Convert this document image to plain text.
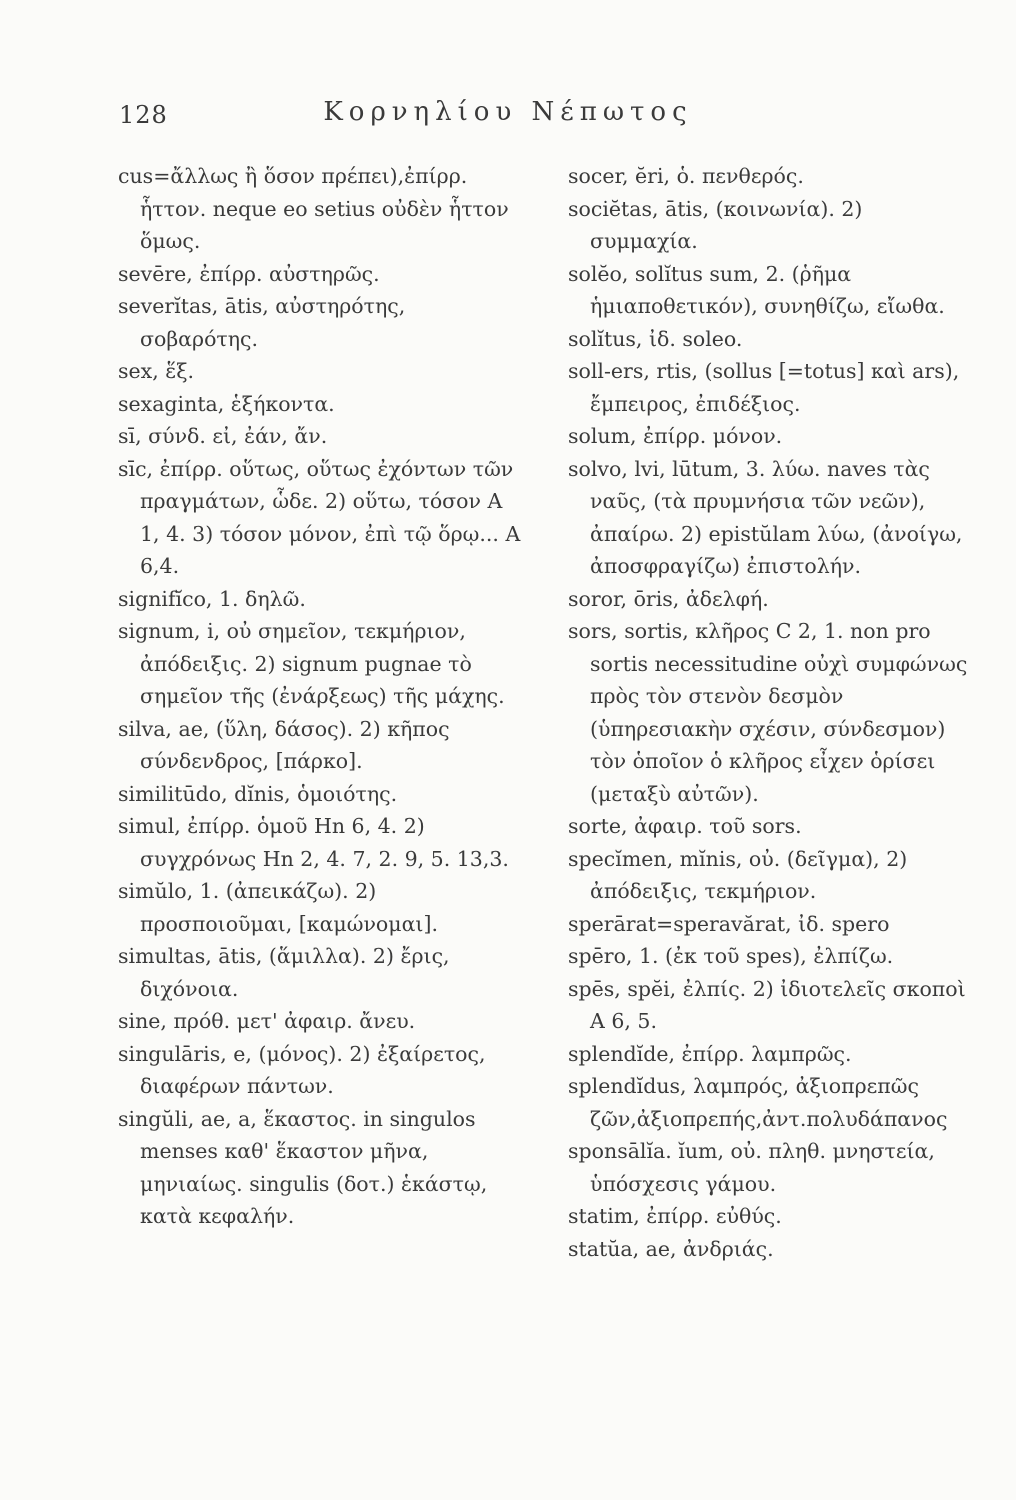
128	Κορνηλίου Νέπωτος

cus=ἄλλως ἢ ὅσον πρέπει),ἐπίρρ. ἧττον. neque eo setius οὐδὲν ἧττον ὅμως.

sevēre, ἐπίρρ. αὐστηρῶς.

severĭtas, ātis, αὐστηρότης, σοβαρότης.

sex, ἕξ.

sexaginta, ἑξήκοντα.

sī, σύνδ. εἰ, ἐάν, ἄν.

sīc, ἐπίρρ. οὕτως, οὕτως ἐχόντων τῶν πραγμάτων, ὧδε. 2) οὕτω, τόσον A 1, 4. 3) τόσον μόνον, ἐπὶ τῷ ὅρῳ... A 6,4.

signifĭco, 1. δηλῶ.

signum, i, οὐ σημεῖον, τεκμήριον, ἀπόδειξις. 2) signum pugnae τὸ σημεῖον τῆς (ἐνάρξεως) τῆς μάχης.

silva, ae, (ὕλη, δάσος). 2) κῆπος σύνδενδρος, [πάρκο].

similitūdo, dĭnis, ὁμοιότης.

simul, ἐπίρρ. ὁμοῦ Hn 6, 4. 2) συγχρόνως Hn 2, 4. 7, 2. 9, 5. 13,3.

simŭlo, 1. (ἀπεικάζω). 2) προσποιοῦμαι, [καμώνομαι].

simultas, ātis, (ἅμιλλα). 2) ἔρις, διχόνοια.

sine, πρόθ. μετ' ἀφαιρ. ἄνευ.

singulāris, e, (μόνος). 2) ἐξαίρετος, διαφέρων πάντων.

singŭli, ae, a, ἕκαστος. in singulos menses καθ' ἕκαστον μῆνα, μηνιαίως. singulis (δοτ.) ἑκάστῳ, κατὰ κεφαλήν.

socer, ĕri, ὁ. πενθερός.

sociĕtas, ātis, (κοινωνία). 2) συμμαχία.

solĕo, solĭtus sum, 2. (ῥῆμα ἡμιαποθετικόν), συνηθίζω, εἴωθα.

solĭtus, ἰδ. soleo.

soll-ers, rtis, (sollus [=totus] καὶ ars), ἔμπειρος, ἐπιδέξιος.

solum, ἐπίρρ. μόνον.

solvo, lvi, lūtum, 3. λύω. naves τὰς ναῦς, (τὰ πρυμνήσια τῶν νεῶν), ἀπαίρω. 2) epistŭlam λύω, (ἀνοίγω, ἀποσφραγίζω) ἐπιστολήν.

soror, ōris, ἀδελφή.

sors, sortis, κλῆρος C 2, 1. non pro sortis necessitudine οὐχὶ συμφώνως πρὸς τὸν στενὸν δεσμὸν (ὑπηρεσιακὴν σχέσιν, σύνδεσμον) τὸν ὁποῖον ὁ κλῆρος εἶχεν ὁρίσει (μεταξὺ αὐτῶν).

sorte, ἀφαιρ. τοῦ sors.

specĭmen, mĭnis, οὐ. (δεῖγμα), 2) ἀπόδειξις, τεκμήριον.

sperārat=speravărat, ἰδ. spero

spēro, 1. (ἐκ τοῦ spes), ἐλπίζω.

spēs, spĕi, ἐλπίς. 2) ἰδιοτελεῖς σκοποὶ A 6, 5.

splendĭde, ἐπίρρ. λαμπρῶς.

splendĭdus, λαμπρός, ἀξιοπρεπῶς ζῶν,ἀξιοπρεπής,ἀντ.πολυδάπανος

sponsālĭa. ĭum, οὐ. πληθ. μνηστεία, ὑπόσχεσις γάμου.

statim, ἐπίρρ. εὐθύς.

statŭa, ae, ἀνδριάς.
